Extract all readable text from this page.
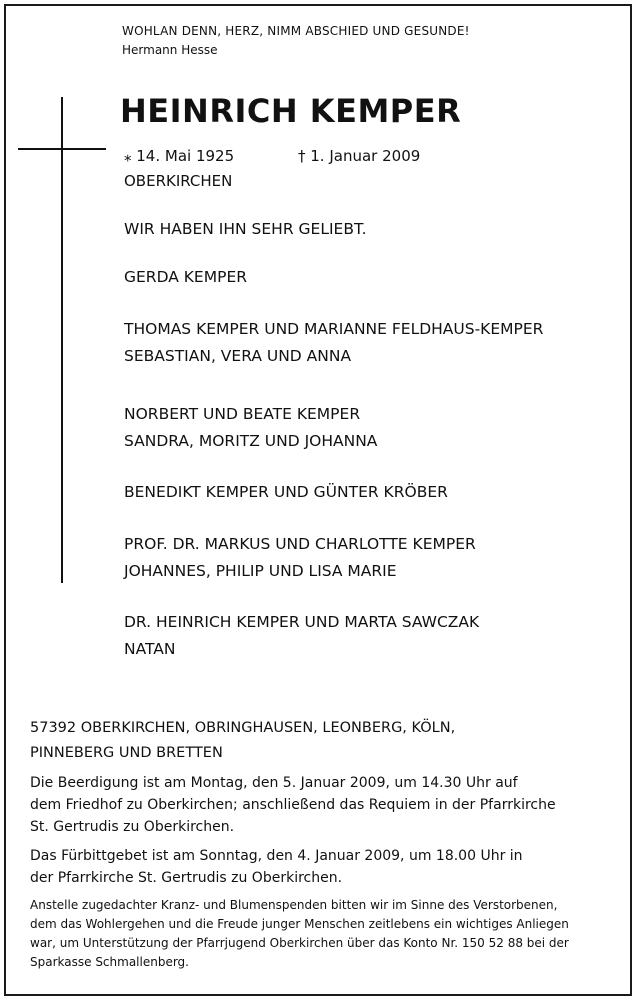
WOHLAN DENN, HERZ, NIMM ABSCHIED UND GESUNDE!
Hermann Hesse
HEINRICH KEMPER
⁎ 14. Mai 1925	† 1. Januar 2009
OBERKIRCHEN
WIR HABEN IHN SEHR GELIEBT.
GERDA KEMPER
THOMAS KEMPER UND MARIANNE FELDHAUS-KEMPER
SEBASTIAN, VERA UND ANNA
NORBERT UND BEATE KEMPER
SANDRA, MORITZ UND JOHANNA
BENEDIKT KEMPER UND GÜNTER KRÖBER
PROF. DR. MARKUS UND CHARLOTTE KEMPER
JOHANNES, PHILIP UND LISA MARIE
DR. HEINRICH KEMPER UND MARTA SAWCZAK
NATAN
57392 OBERKIRCHEN, OBRINGHAUSEN, LEONBERG, KÖLN,
PINNEBERG UND BRETTEN
Die Beerdigung ist am Montag, den 5. Januar 2009, um 14.30 Uhr auf
dem Friedhof zu Oberkirchen; anschließend das Requiem in der Pfarrkirche
St. Gertrudis zu Oberkirchen.
Das Fürbittgebet ist am Sonntag, den 4. Januar 2009, um 18.00 Uhr in
der Pfarrkirche St. Gertrudis zu Oberkirchen.
Anstelle zugedachter Kranz- und Blumenspenden bitten wir im Sinne des Verstorbenen,
dem das Wohlergehen und die Freude junger Menschen zeitlebens ein wichtiges Anliegen
war, um Unterstützung der Pfarrjugend Oberkirchen über das Konto Nr. 150 52 88 bei der
Sparkasse Schmallenberg.
